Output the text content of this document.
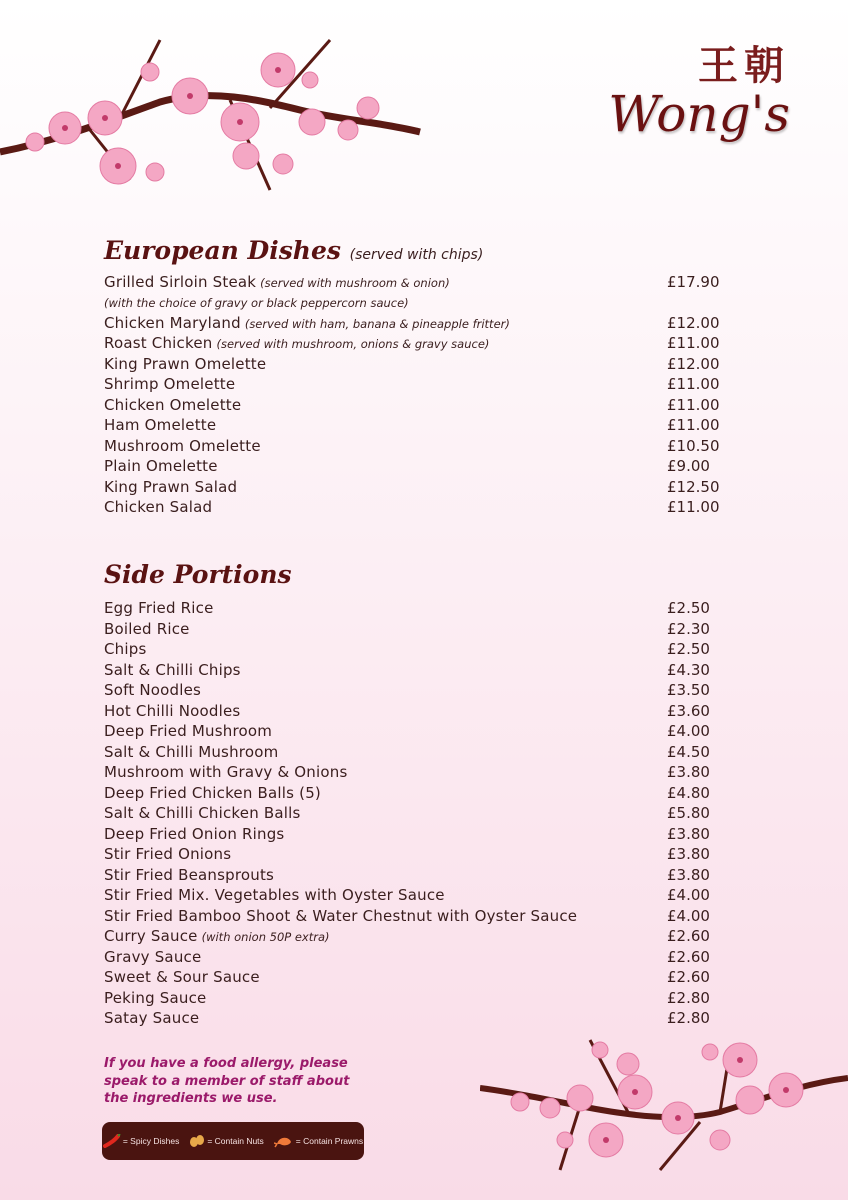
王朝
Wong's
European Dishes (served with chips)
Grilled Sirloin Steak (served with mushroom & onion)	£17.90
(with the choice of gravy or black peppercorn sauce)
Chicken Maryland (served with ham, banana & pineapple fritter)	£12.00
Roast Chicken (served with mushroom, onions & gravy sauce)	£11.00
King Prawn Omelette	£12.00
Shrimp Omelette	£11.00
Chicken Omelette	£11.00
Ham Omelette	£11.00
Mushroom Omelette	£10.50
Plain Omelette	£9.00
King Prawn Salad	£12.50
Chicken Salad	£11.00
Side Portions
Egg Fried Rice	£2.50
Boiled Rice	£2.30
Chips	£2.50
Salt & Chilli Chips	£4.30
Soft Noodles	£3.50
Hot Chilli Noodles	£3.60
Deep Fried Mushroom	£4.00
Salt & Chilli Mushroom	£4.50
Mushroom with Gravy & Onions	£3.80
Deep Fried Chicken Balls (5)	£4.80
Salt & Chilli Chicken Balls	£5.80
Deep Fried Onion Rings	£3.80
Stir Fried Onions	£3.80
Stir Fried Beansprouts	£3.80
Stir Fried Mix. Vegetables with Oyster Sauce	£4.00
Stir Fried Bamboo Shoot & Water Chestnut with Oyster Sauce	£4.00
Curry Sauce (with onion 50P extra)	£2.60
Gravy Sauce	£2.60
Sweet & Sour Sauce	£2.60
Peking Sauce	£2.80
Satay Sauce	£2.80
If you have a food allergy, please speak to a member of staff about the ingredients we use.
= Spicy Dishes	= Contain Nuts	= Contain Prawns
